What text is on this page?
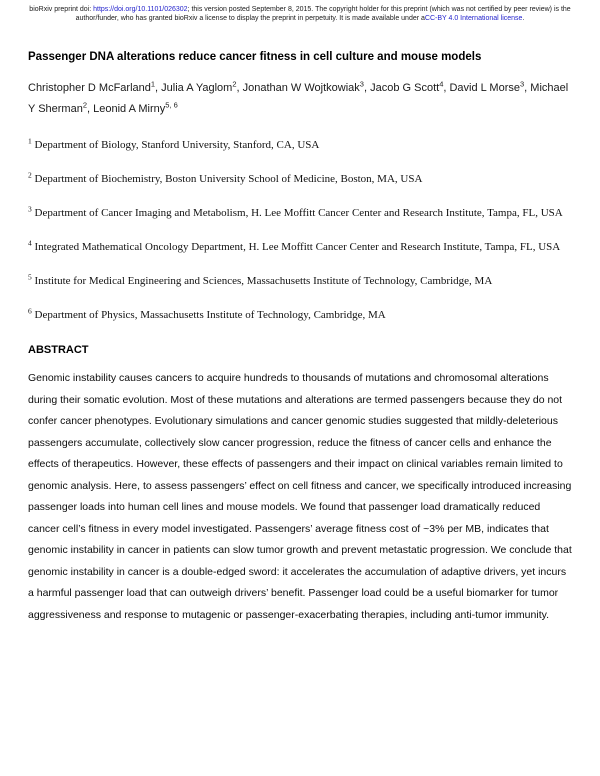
bioRxiv preprint doi: https://doi.org/10.1101/026302; this version posted September 8, 2015. The copyright holder for this preprint (which was not certified by peer review) is the author/funder, who has granted bioRxiv a license to display the preprint in perpetuity. It is made available under aCC-BY 4.0 International license.
Passenger DNA alterations reduce cancer fitness in cell culture and mouse models

Christopher D McFarland$^1$, Julia A Yaglom$^2$, Jonathan W Wojtkowiak$^3$, Jacob G Scott$^4$, David L Morse$^3$, Michael Y Sherman$^2$, Leonid A Mirny$^{5, 6}$

$^1$ Department of Biology, Stanford University, Stanford, CA, USA

$^2$ Department of Biochemistry, Boston University School of Medicine, Boston, MA, USA

$^3$ Department of Cancer Imaging and Metabolism, H. Lee Moffitt Cancer Center and Research Institute, Tampa, FL, USA

$^4$ Integrated Mathematical Oncology Department, H. Lee Moffitt Cancer Center and Research Institute, Tampa, FL, USA

$^5$ Institute for Medical Engineering and Sciences, Massachusetts Institute of Technology, Cambridge, MA

$^6$ Department of Physics, Massachusetts Institute of Technology, Cambridge, MA

ABSTRACT

Genomic instability causes cancers to acquire hundreds to thousands of mutations and chromosomal alterations during their somatic evolution. Most of these mutations and alterations are termed passengers because they do not confer cancer phenotypes. Evolutionary simulations and cancer genomic studies suggested that mildly-deleterious passengers accumulate, collectively slow cancer progression, reduce the fitness of cancer cells and enhance the effects of therapeutics. However, these effects of passengers and their impact on clinical variables remain limited to genomic analysis. Here, to assess passengers’ effect on cell fitness and cancer, we specifically introduced increasing passenger loads into human cell lines and mouse models. We found that passenger load dramatically reduced cancer cell’s fitness in every model investigated. Passengers’ average fitness cost of ~3% per MB, indicates that genomic instability in cancer in patients can slow tumor growth and prevent metastatic progression. We conclude that genomic instability in cancer is a double-edged sword: it accelerates the accumulation of adaptive drivers, yet incurs a harmful passenger load that can outweigh drivers’ benefit. Passenger load could be a useful biomarker for tumor aggressiveness and response to mutagenic or passenger-exacerbating therapies, including anti-tumor immunity.
